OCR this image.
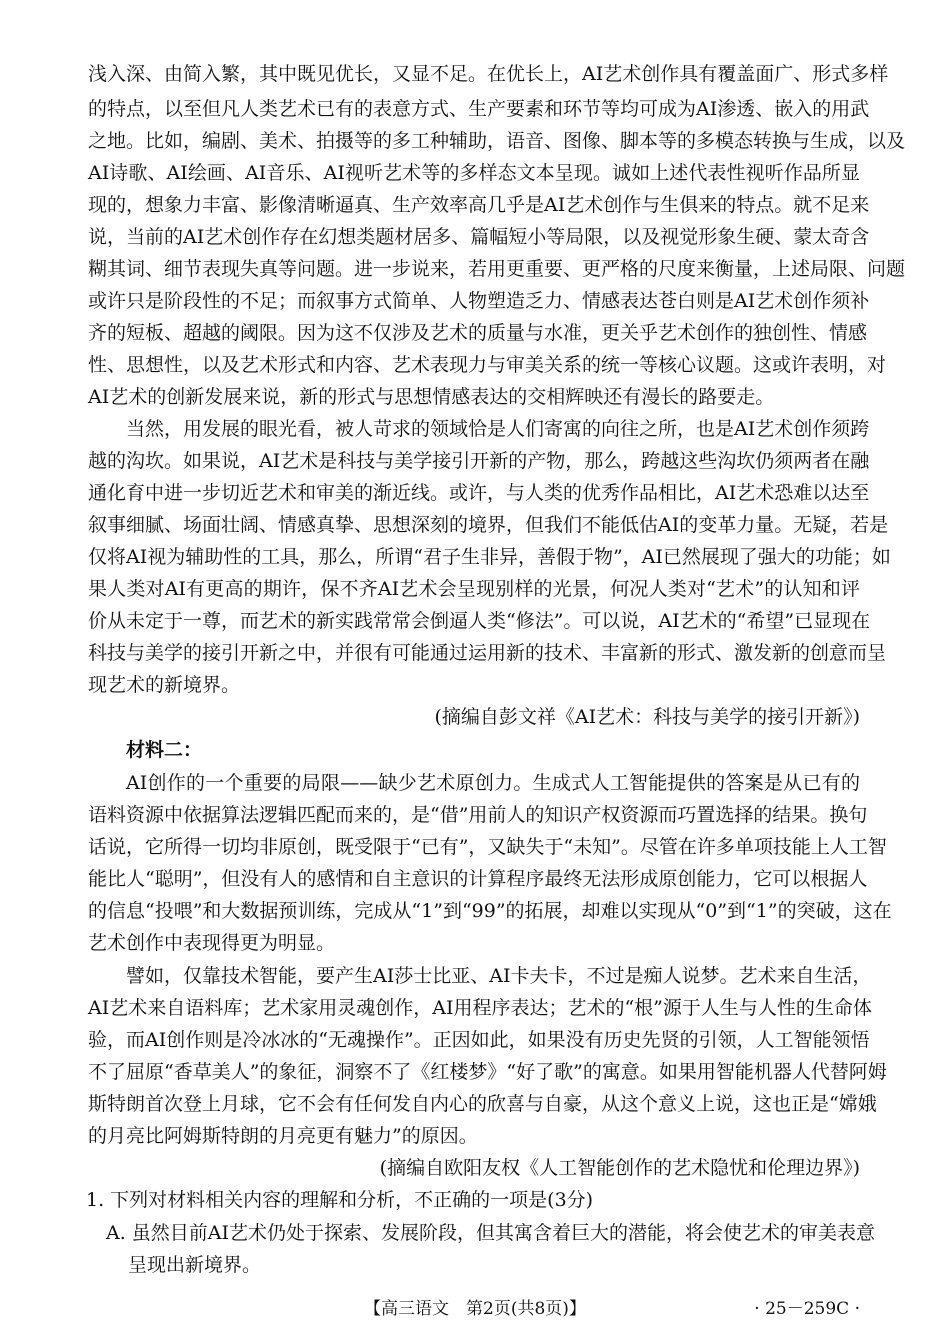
浅入深、由简入繁，其中既见优长，又显不足。在优长上，AI艺术创作具有覆盖面广、形式多样
的特点，以至但凡人类艺术已有的表意方式、生产要素和环节等均可成为AI渗透、嵌入的用武
之地。比如，编剧、美术、拍摄等的多工种辅助，语音、图像、脚本等的多模态转换与生成，以及
AI诗歌、AI绘画、AI音乐、AI视听艺术等的多样态文本呈现。诚如上述代表性视听作品所显
现的，想象力丰富、影像清晰逼真、生产效率高几乎是AI艺术创作与生俱来的特点。就不足来
说，当前的AI艺术创作存在幻想类题材居多、篇幅短小等局限，以及视觉形象生硬、蒙太奇含
糊其词、细节表现失真等问题。进一步说来，若用更重要、更严格的尺度来衡量，上述局限、问题
或许只是阶段性的不足；而叙事方式简单、人物塑造乏力、情感表达苍白则是AI艺术创作须补
齐的短板、超越的阈限。因为这不仅涉及艺术的质量与水准，更关乎艺术创作的独创性、情感
性、思想性，以及艺术形式和内容、艺术表现力与审美关系的统一等核心议题。这或许表明，对
AI艺术的创新发展来说，新的形式与思想情感表达的交相辉映还有漫长的路要走。
当然，用发展的眼光看，被人苛求的领域恰是人们寄寓的向往之所，也是AI艺术创作须跨
越的沟坎。如果说，AI艺术是科技与美学接引开新的产物，那么，跨越这些沟坎仍须两者在融
通化育中进一步切近艺术和审美的渐近线。或许，与人类的优秀作品相比，AI艺术恐难以达至
叙事细腻、场面壮阔、情感真挚、思想深刻的境界，但我们不能低估AI的变革力量。无疑，若是
仅将AI视为辅助性的工具，那么，所谓“君子生非异，善假于物”，AI已然展现了强大的功能；如
果人类对AI有更高的期许，保不齐AI艺术会呈现别样的光景，何况人类对“艺术”的认知和评
价从未定于一尊，而艺术的新实践常常会倒逼人类“修法”。可以说，AI艺术的“希望”已显现在
科技与美学的接引开新之中，并很有可能通过运用新的技术、丰富新的形式、激发新的创意而呈
现艺术的新境界。
(摘编自彭文祥《AI艺术：科技与美学的接引开新》)
材料二：
AI创作的一个重要的局限——缺少艺术原创力。生成式人工智能提供的答案是从已有的
语料资源中依据算法逻辑匹配而来的，是“借”用前人的知识产权资源而巧置选择的结果。换句
话说，它所得一切均非原创，既受限于“已有”，又缺失于“未知”。尽管在许多单项技能上人工智
能比人“聪明”，但没有人的感情和自主意识的计算程序最终无法形成原创能力，它可以根据人
的信息“投喂”和大数据预训练，完成从“1”到“99”的拓展，却难以实现从“0”到“1”的突破，这在
艺术创作中表现得更为明显。
譬如，仅靠技术智能，要产生AI莎士比亚、AI卡夫卡，不过是痴人说梦。艺术来自生活，
AI艺术来自语料库；艺术家用灵魂创作，AI用程序表达；艺术的“根”源于人生与人性的生命体
验，而AI创作则是冷冰冰的“无魂操作”。正因如此，如果没有历史先贤的引领，人工智能领悟
不了屈原“香草美人”的象征，洞察不了《红楼梦》“好了歌”的寓意。如果用智能机器人代替阿姆
斯特朗首次登上月球，它不会有任何发自内心的欣喜与自豪，从这个意义上说，这也正是“嫦娥
的月亮比阿姆斯特朗的月亮更有魅力”的原因。
(摘编自欧阳友权《人工智能创作的艺术隐忧和伦理边界》)
1. 下列对材料相关内容的理解和分析，不正确的一项是(3分)
A. 虽然目前AI艺术仍处于探索、发展阶段，但其寓含着巨大的潜能，将会使艺术的审美表意
呈现出新境界。
【高三语文　第2页(共8页)】	· 25－259C ·
